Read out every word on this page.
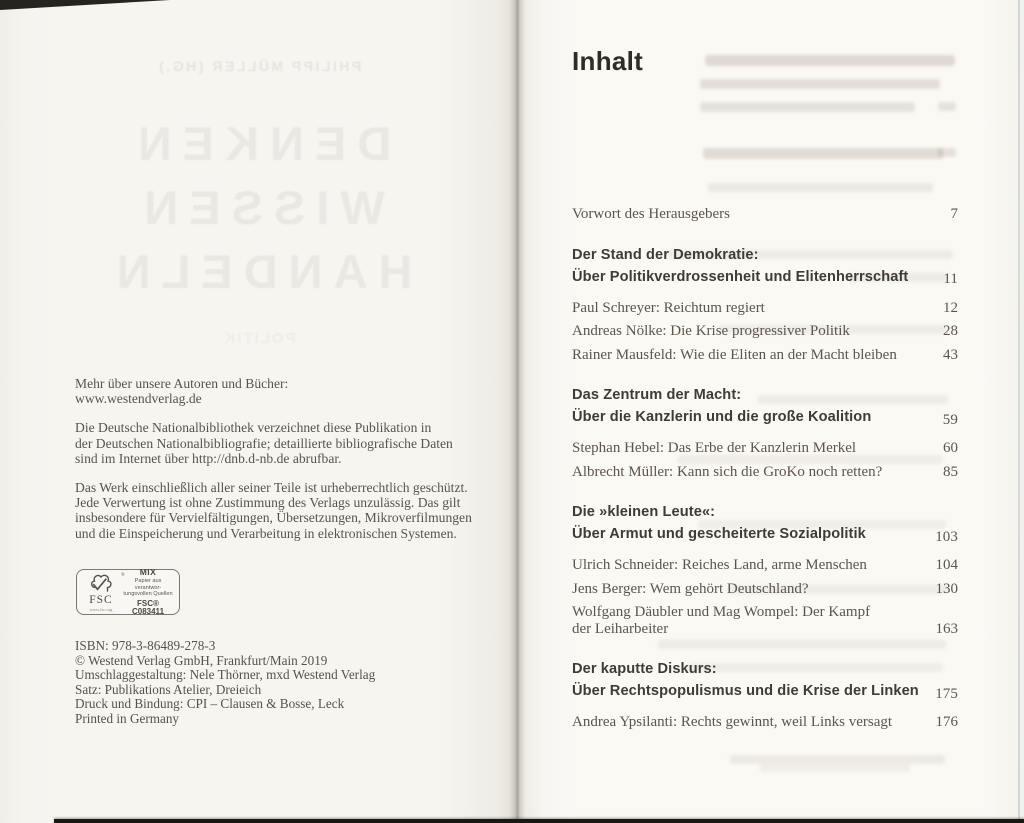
PHILIPP MÜLLER (HG.)
DENKEN
WISSEN
HANDELN
POLITIK
Mehr über unsere Autoren und Bücher:
www.westendverlag.de
Die Deutsche Nationalbibliothek verzeichnet diese Publikation in
der Deutschen Nationalbibliografie; detaillierte bibliografische Daten
sind im Internet über http://dnb.d-nb.de abrufbar.
Das Werk einschließlich aller seiner Teile ist urheberrechtlich geschützt.
Jede Verwertung ist ohne Zustimmung des Verlags unzulässig. Das gilt
insbesondere für Vervielfältigungen, Übersetzungen, Mikroverfilmungen
und die Einspeicherung und Verarbeitung in elektronischen Systemen.
®
FSC
www.fsc.org
MIX
Papier aus verantwor-
tungsvollen Quellen
FSC® C083411
ISBN: 978-3-86489-278-3
© Westend Verlag GmbH, Frankfurt/Main 2019
Umschlaggestaltung: Nele Thörner, mxd Westend Verlag
Satz: Publikations Atelier, Dreieich
Druck und Bindung: CPI – Clausen & Bosse, Leck
Printed in Germany
Inhalt
Vorwort des Herausgebers	7
Der Stand der Demokratie:
Über Politikverdrossenheit und Elitenherrschaft	11
Paul Schreyer: Reichtum regiert	12
Andreas Nölke: Die Krise progressiver Politik	28
Rainer Mausfeld: Wie die Eliten an der Macht bleiben	43
Das Zentrum der Macht:
Über die Kanzlerin und die große Koalition	59
Stephan Hebel: Das Erbe der Kanzlerin Merkel	60
Albrecht Müller: Kann sich die GroKo noch retten?	85
Die »kleinen Leute«:
Über Armut und gescheiterte Sozialpolitik	103
Ulrich Schneider: Reiches Land, arme Menschen	104
Jens Berger: Wem gehört Deutschland?	130
Wolfgang Däubler und Mag Wompel: Der Kampf
der Leiharbeiter	163
Der kaputte Diskurs:
Über Rechtspopulismus und die Krise der Linken	175
Andrea Ypsilanti: Rechts gewinnt, weil Links versagt	176
